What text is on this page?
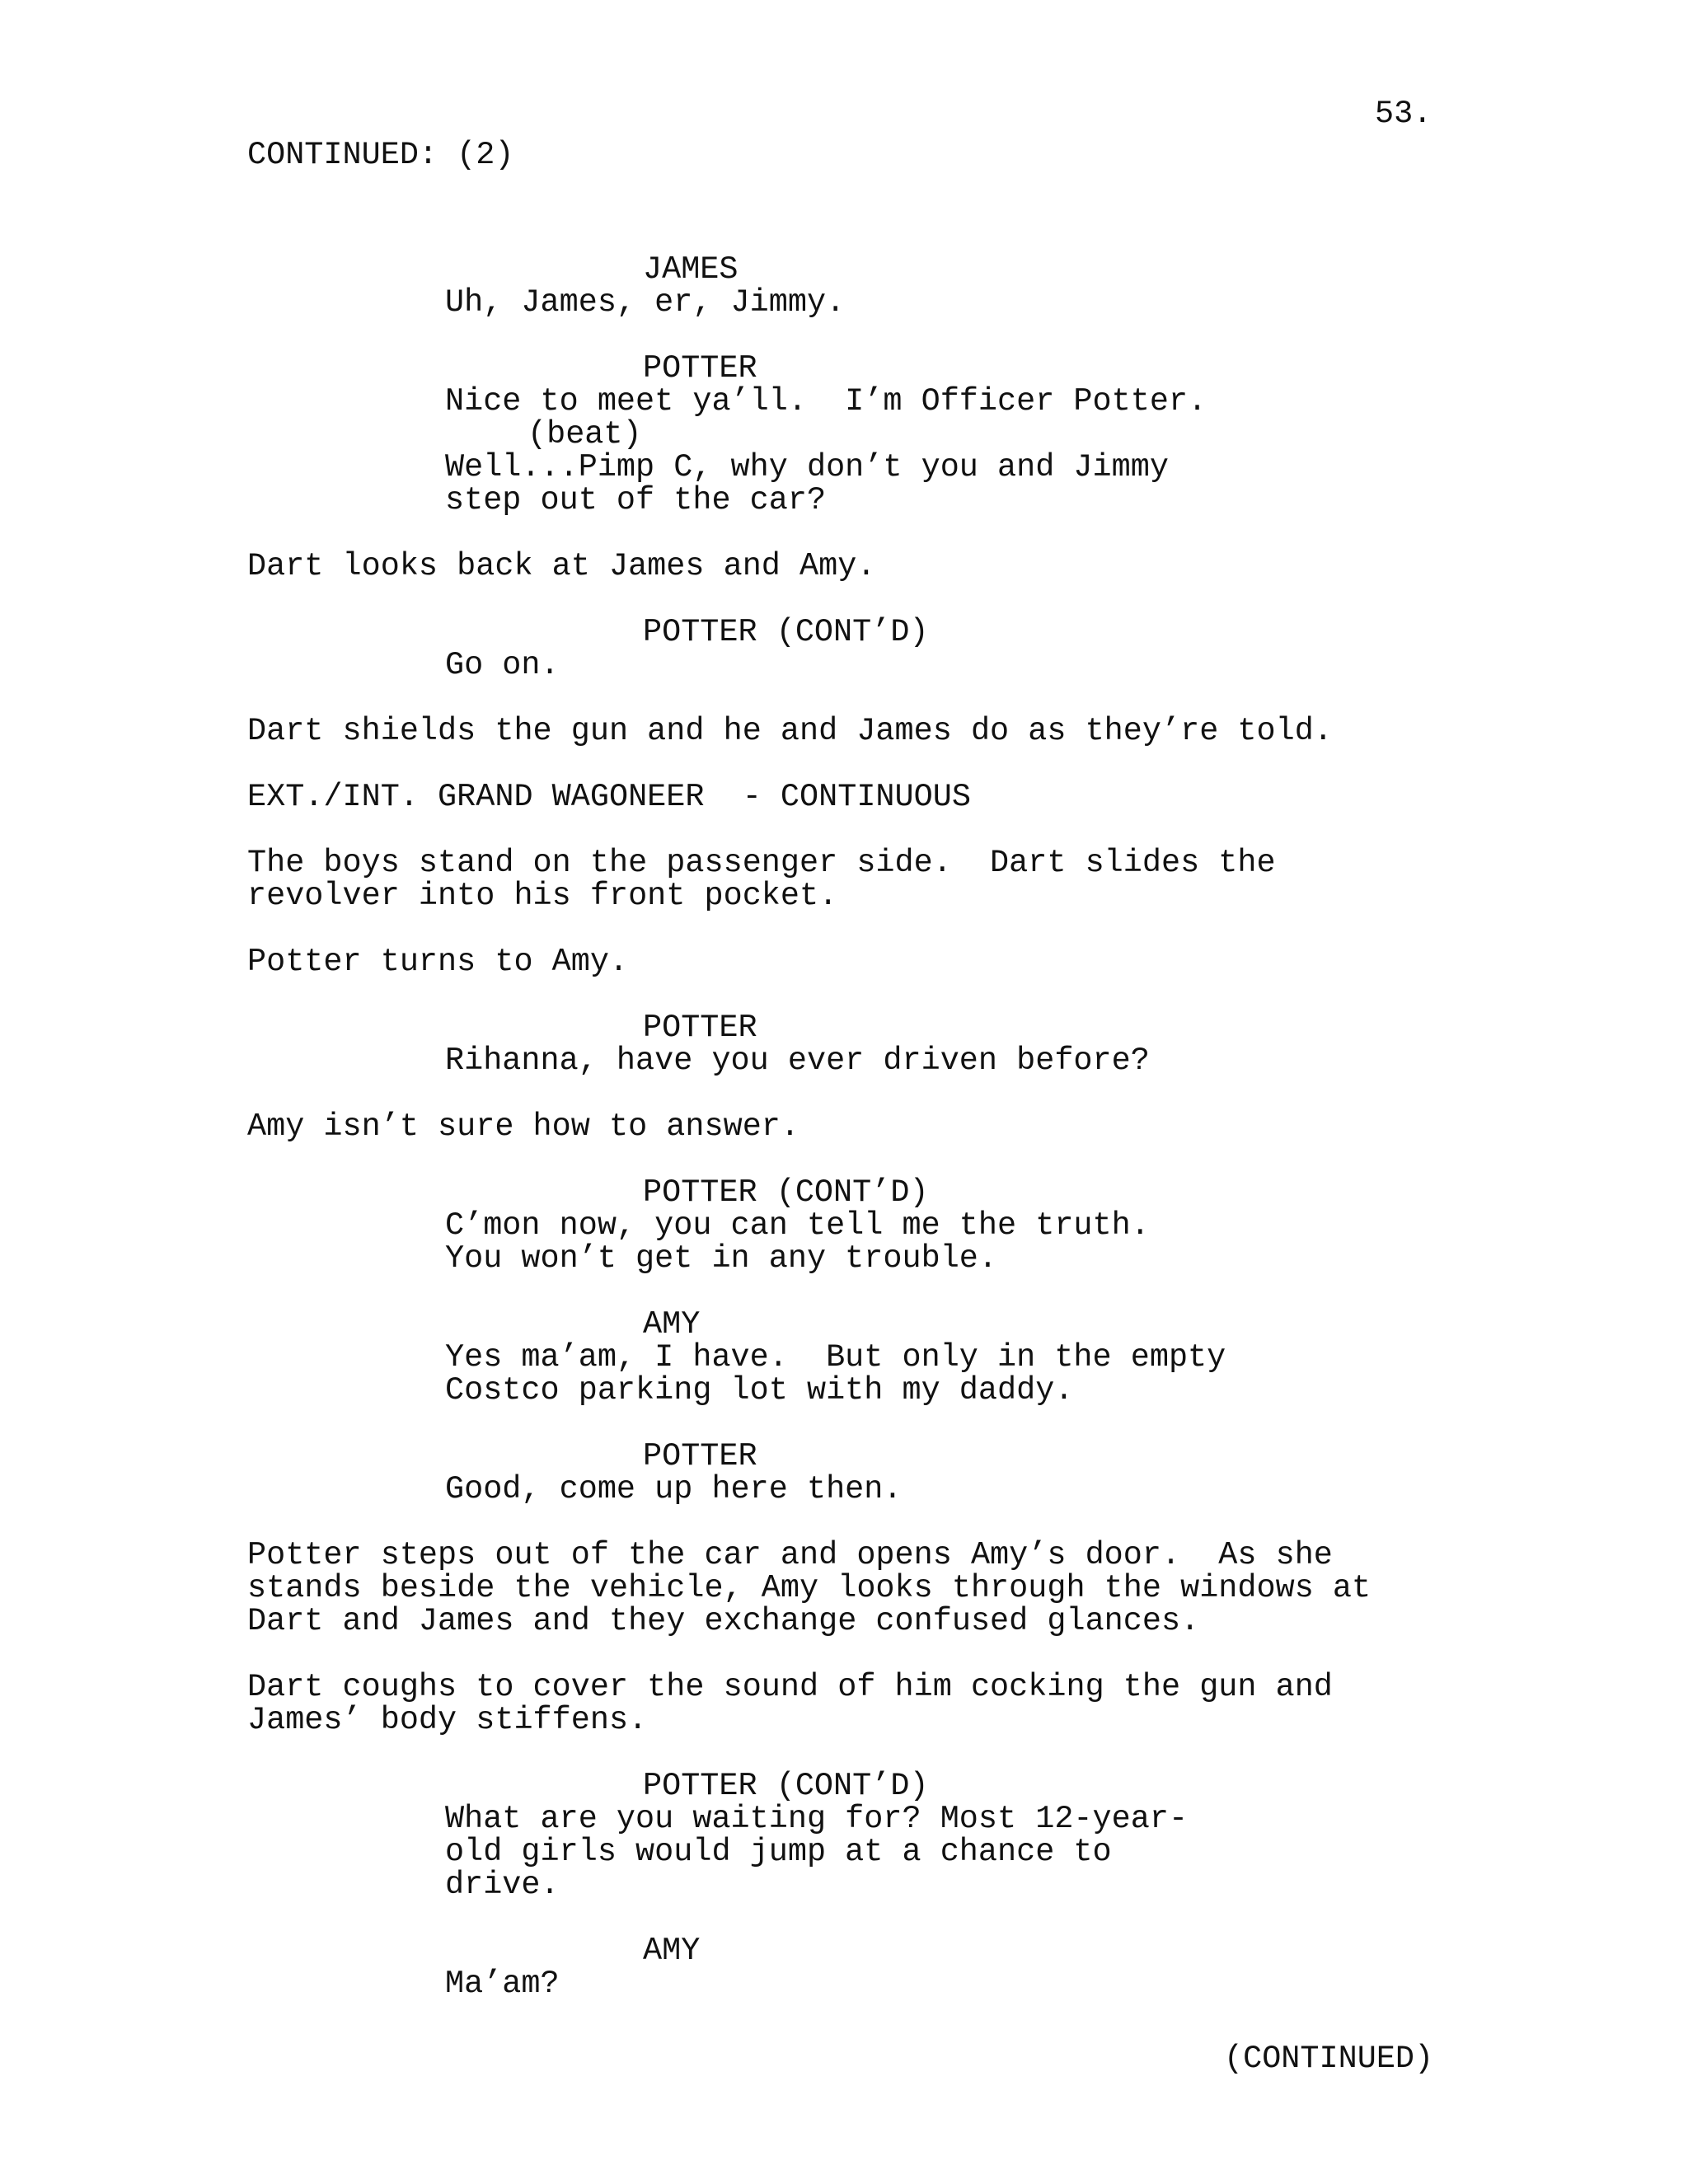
53.
CONTINUED: (2)
JAMES
Uh, James, er, Jimmy.
POTTER
Nice to meet ya’ll.  I’m Officer Potter.
(beat)
Well...Pimp C, why don’t you and Jimmy
step out of the car?
Dart looks back at James and Amy.
POTTER (CONT’D)
Go on.
Dart shields the gun and he and James do as they’re told.
EXT./INT. GRAND WAGONEER  - CONTINUOUS
The boys stand on the passenger side.  Dart slides the
revolver into his front pocket.
Potter turns to Amy.
POTTER
Rihanna, have you ever driven before?
Amy isn’t sure how to answer.
POTTER (CONT’D)
C’mon now, you can tell me the truth.
You won’t get in any trouble.
AMY
Yes ma’am, I have.  But only in the empty
Costco parking lot with my daddy.
POTTER
Good, come up here then.
Potter steps out of the car and opens Amy’s door.  As she
stands beside the vehicle, Amy looks through the windows at
Dart and James and they exchange confused glances.
Dart coughs to cover the sound of him cocking the gun and
James’ body stiffens.
POTTER (CONT’D)
What are you waiting for? Most 12-year-
old girls would jump at a chance to
drive.
AMY
Ma’am?
(CONTINUED)
